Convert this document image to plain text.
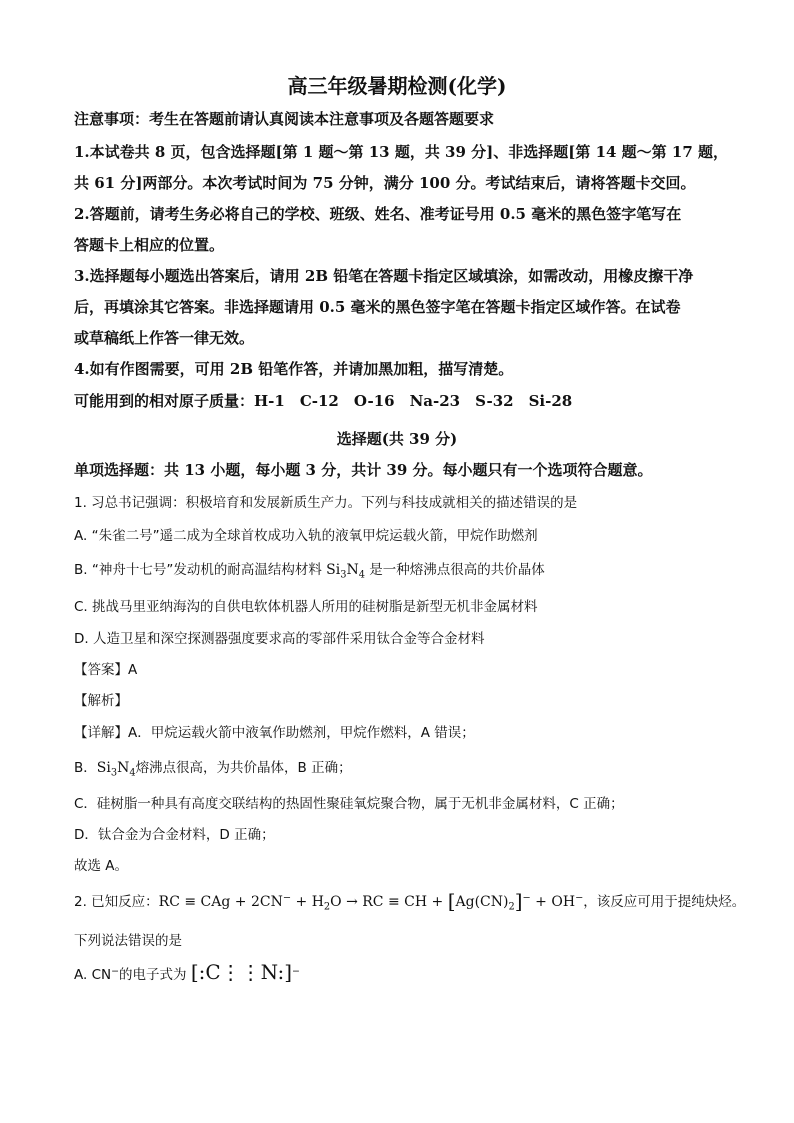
高三年级暑期检测(化学)
注意事项：考生在答题前请认真阅读本注意事项及各题答题要求
1.本试卷共 8 页，包含选择题[第 1 题～第 13 题，共 39 分]、非选择题[第 14 题～第 17 题，
共 61 分]两部分。本次考试时间为 75 分钟，满分 100 分。考试结束后，请将答题卡交回。
2.答题前，请考生务必将自己的学校、班级、姓名、准考证号用 0.5 毫米的黑色签字笔写在
答题卡上相应的位置。
3.选择题每小题选出答案后，请用 2B 铅笔在答题卡指定区域填涂，如需改动，用橡皮擦干净
后，再填涂其它答案。非选择题请用 0.5 毫米的黑色签字笔在答题卡指定区域作答。在试卷
或草稿纸上作答一律无效。
4.如有作图需要，可用 2B 铅笔作答，并请加黑加粗，描写清楚。
可能用到的相对原子质量：H-1　C-12　O-16　Na-23　S-32　Si-28
选择题(共 39 分)
单项选择题：共 13 小题，每小题 3 分，共计 39 分。每小题只有一个选项符合题意。
1. 习总书记强调：积极培育和发展新质生产力。下列与科技成就相关的描述错误的是
A. “朱雀二号”遥二成为全球首枚成功入轨的液氧甲烷运载火箭，甲烷作助燃剂
B. “神舟十七号”发动机的耐高温结构材料 $Si_3N_4$ 是一种熔沸点很高的共价晶体
C. 挑战马里亚纳海沟的自供电软体机器人所用的硅树脂是新型无机非金属材料
D. 人造卫星和深空探测器强度要求高的零部件采用钛合金等合金材料
【答案】A
【解析】
【详解】A．甲烷运载火箭中液氧作助燃剂，甲烷作燃料，A 错误；
B．$Si_3N_4$熔沸点很高，为共价晶体，B 正确；
C．硅树脂一种具有高度交联结构的热固性聚硅氧烷聚合物，属于无机非金属材料，C 正确；
D．钛合金为合金材料，D 正确；
故选 A。
2. 已知反应：RC ≡ CAg + $2CN^- + H_2O$ → RC ≡ CH + $[Ag(CN)_2]^- + OH^-$，该反应可用于提纯炔烃。
下列说法错误的是
A. CN−的电子式为 [:C⋮⋮N:]−
